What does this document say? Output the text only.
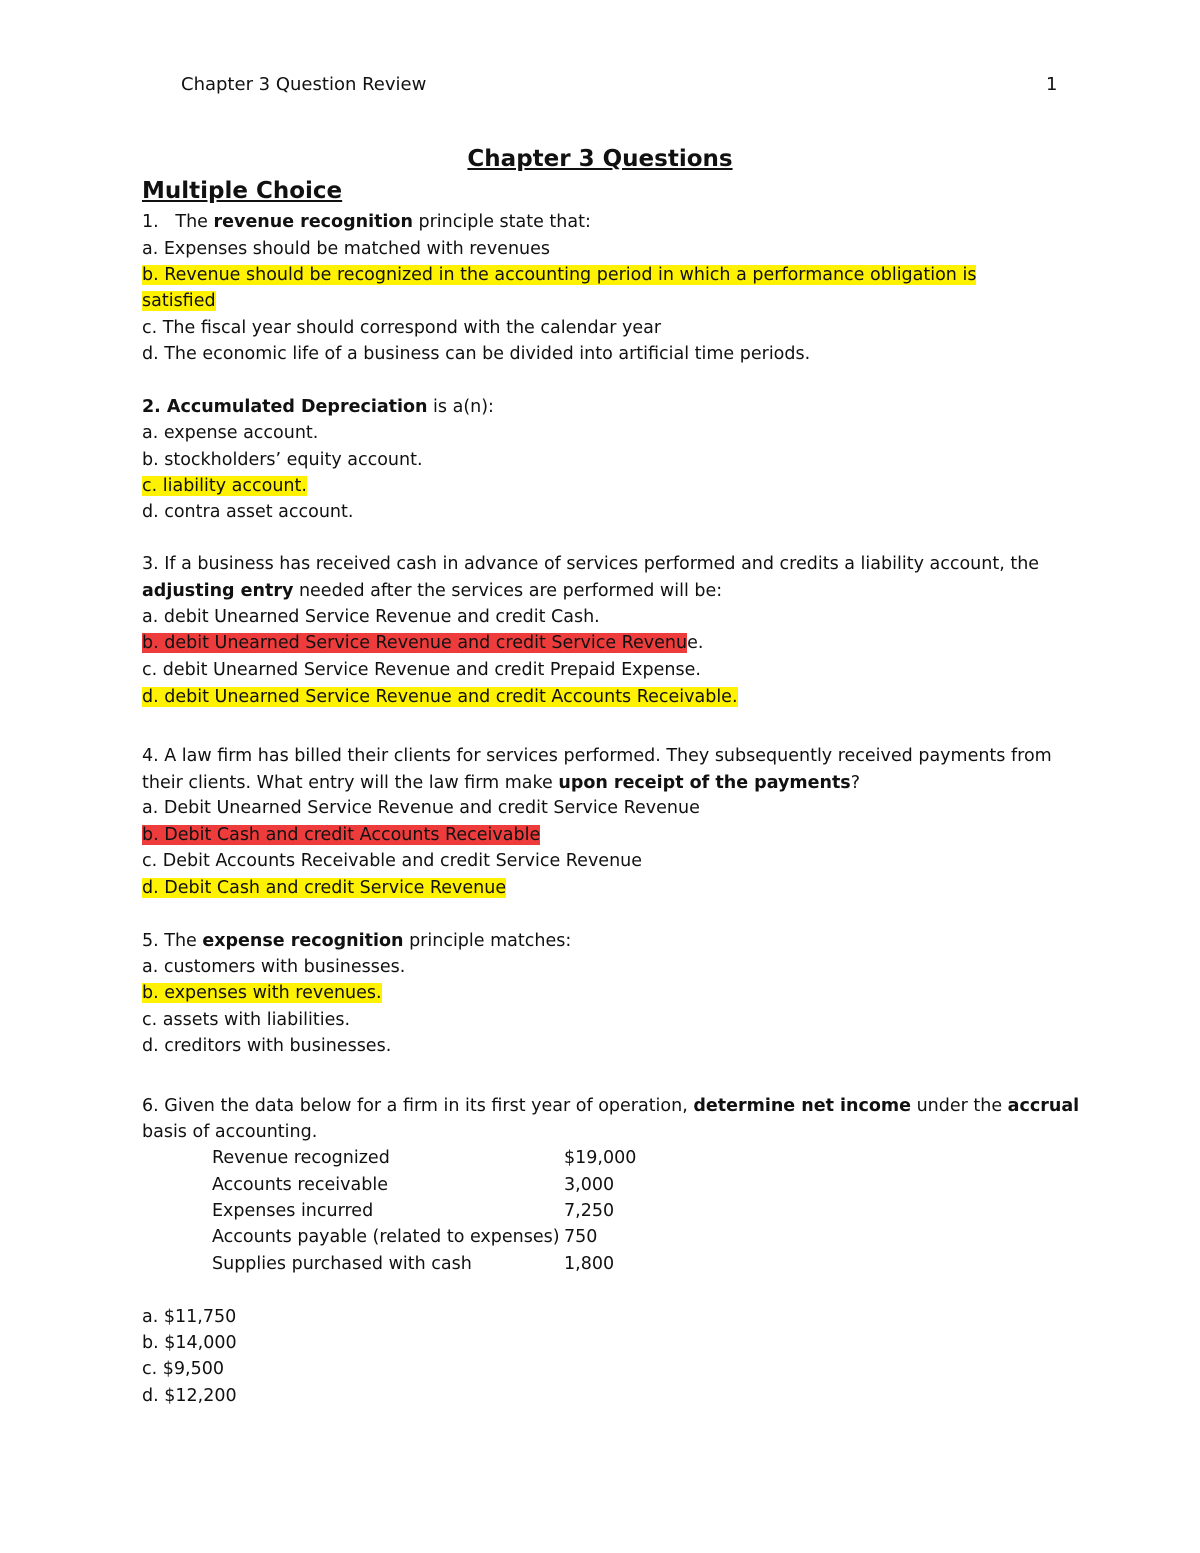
Chapter 3 Question Review	1
Chapter 3 Questions
Multiple Choice
1. The revenue recognition principle state that:
a. Expenses should be matched with revenues
b. Revenue should be recognized in the accounting period in which a performance obligation is
satisfied
c. The fiscal year should correspond with the calendar year
d. The economic life of a business can be divided into artificial time periods.
2. Accumulated Depreciation is a(n):
a. expense account.
b. stockholders’ equity account.
c. liability account.
d. contra asset account.
3. If a business has received cash in advance of services performed and credits a liability account, the
adjusting entry needed after the services are performed will be:
a. debit Unearned Service Revenue and credit Cash.
b. debit Unearned Service Revenue and credit Service Revenue.
c. debit Unearned Service Revenue and credit Prepaid Expense.
d. debit Unearned Service Revenue and credit Accounts Receivable.
4. A law firm has billed their clients for services performed. They subsequently received payments from
their clients. What entry will the law firm make upon receipt of the payments?
a. Debit Unearned Service Revenue and credit Service Revenue
b. Debit Cash and credit Accounts Receivable
c. Debit Accounts Receivable and credit Service Revenue
d. Debit Cash and credit Service Revenue
5. The expense recognition principle matches:
a. customers with businesses.
b. expenses with revenues.
c. assets with liabilities.
d. creditors with businesses.
6. Given the data below for a firm in its first year of operation, determine net income under the accrual
basis of accounting.
Revenue recognized	$19,000
Accounts receivable	3,000
Expenses incurred	7,250
Accounts payable (related to expenses) 750
Supplies purchased with cash	1,800
a. $11,750
b. $14,000
c. $9,500
d. $12,200
